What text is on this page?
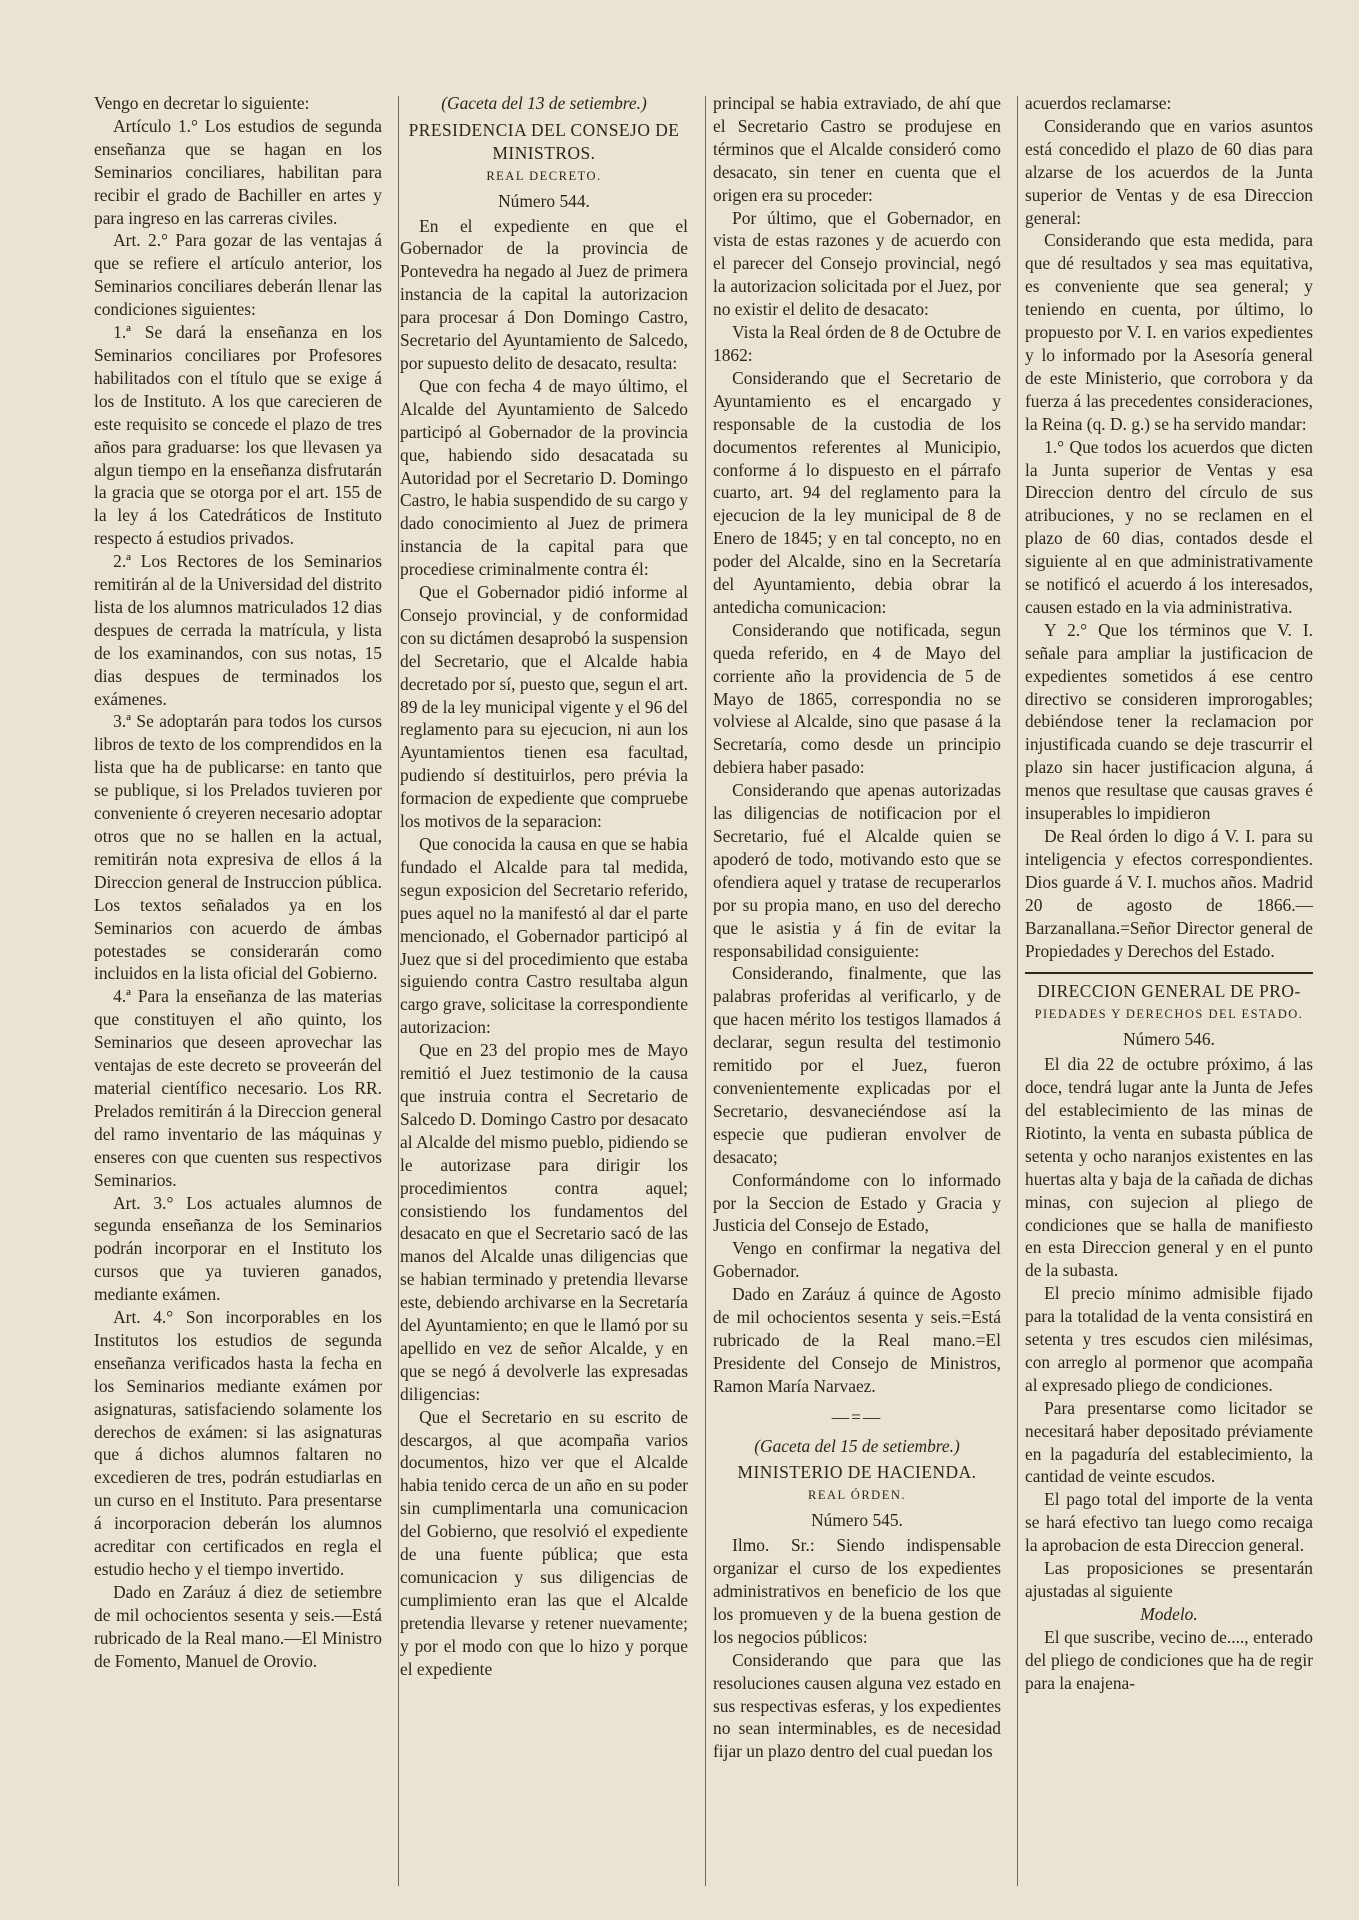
Vengo en decretar lo siguiente:

Artículo 1.° Los estudios de segunda enseñanza que se hagan en los Seminarios conciliares, habilitan para recibir el grado de Bachiller en artes y para ingreso en las carreras civiles.

Art. 2.° Para gozar de las ventajas á que se refiere el artículo anterior, los Seminarios conciliares deberán llenar las condiciones siguientes:

1.ª Se dará la enseñanza en los Seminarios conciliares por Profesores habilitados con el título que se exige á los de Instituto. A los que carecieren de este requisito se concede el plazo de tres años para graduarse: los que llevasen ya algun tiempo en la enseñanza disfrutarán la gracia que se otorga por el art. 155 de la ley á los Catedráticos de Instituto respecto á estudios privados.

2.ª Los Rectores de los Seminarios remitirán al de la Universidad del distrito lista de los alumnos matriculados 12 dias despues de cerrada la matrícula, y lista de los examinandos, con sus notas, 15 dias despues de terminados los exámenes.

3.ª Se adoptarán para todos los cursos libros de texto de los comprendidos en la lista que ha de publicarse: en tanto que se publique, si los Prelados tuvieren por conveniente ó creyeren necesario adoptar otros que no se hallen en la actual, remitirán nota expresiva de ellos á la Direccion general de Instruccion pública. Los textos señalados ya en los Seminarios con acuerdo de ámbas potestades se considerarán como incluidos en la lista oficial del Gobierno.

4.ª Para la enseñanza de las materias que constituyen el año quinto, los Seminarios que deseen aprovechar las ventajas de este decreto se proveerán del material científico necesario. Los RR. Prelados remitirán á la Direccion general del ramo inventario de las máquinas y enseres con que cuenten sus respectivos Seminarios.

Art. 3.° Los actuales alumnos de segunda enseñanza de los Seminarios podrán incorporar en el Instituto los cursos que ya tuvieren ganados, mediante exámen.

Art. 4.° Son incorporables en los Institutos los estudios de segunda enseñanza verificados hasta la fecha en los Seminarios mediante exámen por asignaturas, satisfaciendo solamente los derechos de exámen: si las asignaturas que á dichos alumnos faltaren no excedieren de tres, podrán estudiarlas en un curso en el Instituto. Para presentarse á incorporacion deberán los alumnos acreditar con certificados en regla el estudio hecho y el tiempo invertido.

Dado en Zaráuz á diez de setiembre de mil ochocientos sesenta y seis.—Está rubricado de la Real mano.—El Ministro de Fomento, Manuel de Orovio.

(Gaceta del 13 de setiembre.)

PRESIDENCIA DEL CONSEJO DE MINISTROS.

REAL DECRETO.

Número 544.

En el expediente en que el Gobernador de la provincia de Pontevedra ha negado al Juez de primera instancia de la capital la autorizacion para procesar á Don Domingo Castro, Secretario del Ayuntamiento de Salcedo, por supuesto delito de desacato, resulta:

Que con fecha 4 de mayo último, el Alcalde del Ayuntamiento de Salcedo participó al Gobernador de la provincia que, habiendo sido desacatada su Autoridad por el Secretario D. Domingo Castro, le habia suspendido de su cargo y dado conocimiento al Juez de primera instancia de la capital para que procediese criminalmente contra él:

Que el Gobernador pidió informe al Consejo provincial, y de conformidad con su dictámen desaprobó la suspension del Secretario, que el Alcalde habia decretado por sí, puesto que, segun el art. 89 de la ley municipal vigente y el 96 del reglamento para su ejecucion, ni aun los Ayuntamientos tienen esa facultad, pudiendo sí destituirlos, pero prévia la formacion de expediente que compruebe los motivos de la separacion:

Que conocida la causa en que se habia fundado el Alcalde para tal medida, segun exposicion del Secretario referido, pues aquel no la manifestó al dar el parte mencionado, el Gobernador participó al Juez que si del procedimiento que estaba siguiendo contra Castro resultaba algun cargo grave, solicitase la correspondiente autorizacion:

Que en 23 del propio mes de Mayo remitió el Juez testimonio de la causa que instruia contra el Secretario de Salcedo D. Domingo Castro por desacato al Alcalde del mismo pueblo, pidiendo se le autorizase para dirigir los procedimientos contra aquel; consistiendo los fundamentos del desacato en que el Secretario sacó de las manos del Alcalde unas diligencias que se habian terminado y pretendia llevarse este, debiendo archivarse en la Secretaría del Ayuntamiento; en que le llamó por su apellido en vez de señor Alcalde, y en que se negó á devolverle las expresadas diligencias:

Que el Secretario en su escrito de descargos, al que acompaña varios documentos, hizo ver que el Alcalde habia tenido cerca de un año en su poder sin cumplimentarla una comunicacion del Gobierno, que resolvió el expediente de una fuente pública; que esta comunicacion y sus diligencias de cumplimiento eran las que el Alcalde pretendia llevarse y retener nuevamente; y por el modo con que lo hizo y porque el expediente

principal se habia extraviado, de ahí que el Secretario Castro se produjese en términos que el Alcalde consideró como desacato, sin tener en cuenta que el origen era su proceder:

Por último, que el Gobernador, en vista de estas razones y de acuerdo con el parecer del Consejo provincial, negó la autorizacion solicitada por el Juez, por no existir el delito de desacato:

Vista la Real órden de 8 de Octubre de 1862:

Considerando que el Secretario de Ayuntamiento es el encargado y responsable de la custodia de los documentos referentes al Municipio, conforme á lo dispuesto en el párrafo cuarto, art. 94 del reglamento para la ejecucion de la ley municipal de 8 de Enero de 1845; y en tal concepto, no en poder del Alcalde, sino en la Secretaría del Ayuntamiento, debia obrar la antedicha comunicacion:

Considerando que notificada, segun queda referido, en 4 de Mayo del corriente año la providencia de 5 de Mayo de 1865, correspondia no se volviese al Alcalde, sino que pasase á la Secretaría, como desde un principio debiera haber pasado:

Considerando que apenas autorizadas las diligencias de notificacion por el Secretario, fué el Alcalde quien se apoderó de todo, motivando esto que se ofendiera aquel y tratase de recuperarlos por su propia mano, en uso del derecho que le asistia y á fin de evitar la responsabilidad consiguiente:

Considerando, finalmente, que las palabras proferidas al verificarlo, y de que hacen mérito los testigos llamados á declarar, segun resulta del testimonio remitido por el Juez, fueron convenientemente explicadas por el Secretario, desvaneciéndose así la especie que pudieran envolver de desacato;

Conformándome con lo informado por la Seccion de Estado y Gracia y Justicia del Consejo de Estado,

Vengo en confirmar la negativa del Gobernador.

Dado en Zaráuz á quince de Agosto de mil ochocientos sesenta y seis.=Está rubricado de la Real mano.=El Presidente del Consejo de Ministros, Ramon María Narvaez.

—=—

(Gaceta del 15 de setiembre.)

MINISTERIO DE HACIENDA.

REAL ÓRDEN.

Número 545.

Ilmo. Sr.: Siendo indispensable organizar el curso de los expedientes administrativos en beneficio de los que los promueven y de la buena gestion de los negocios públicos:

Considerando que para que las resoluciones causen alguna vez estado en sus respectivas esferas, y los expedientes no sean interminables, es de necesidad fijar un plazo dentro del cual puedan los

acuerdos reclamarse:

Considerando que en varios asuntos está concedido el plazo de 60 dias para alzarse de los acuerdos de la Junta superior de Ventas y de esa Direccion general:

Considerando que esta medida, para que dé resultados y sea mas equitativa, es conveniente que sea general; y teniendo en cuenta, por último, lo propuesto por V. I. en varios expedientes y lo informado por la Asesoría general de este Ministerio, que corrobora y da fuerza á las precedentes consideraciones, la Reina (q. D. g.) se ha servido mandar:

1.° Que todos los acuerdos que dicten la Junta superior de Ventas y esa Direccion dentro del círculo de sus atribuciones, y no se reclamen en el plazo de 60 dias, contados desde el siguiente al en que administrativamente se notificó el acuerdo á los interesados, causen estado en la via administrativa.

Y 2.° Que los términos que V. I. señale para ampliar la justificacion de expedientes sometidos á ese centro directivo se consideren improrogables; debiéndose tener la reclamacion por injustificada cuando se deje trascurrir el plazo sin hacer justificacion alguna, á menos que resultase que causas graves é insuperables lo impidieron

De Real órden lo digo á V. I. para su inteligencia y efectos correspondientes. Dios guarde á V. I. muchos años. Madrid 20 de agosto de 1866.—Barzanallana.=Señor Director general de Propiedades y Derechos del Estado.

DIRECCION GENERAL DE PRO-

PIEDADES Y DERECHOS DEL ESTADO.

Número 546.

El dia 22 de octubre próximo, á las doce, tendrá lugar ante la Junta de Jefes del establecimiento de las minas de Riotinto, la venta en subasta pública de setenta y ocho naranjos existentes en las huertas alta y baja de la cañada de dichas minas, con sujecion al pliego de condiciones que se halla de manifiesto en esta Direccion general y en el punto de la subasta.

El precio mínimo admisible fijado para la totalidad de la venta consistirá en setenta y tres escudos cien milésimas, con arreglo al pormenor que acompaña al expresado pliego de condiciones.

Para presentarse como licitador se necesitará haber depositado préviamente en la pagaduría del establecimiento, la cantidad de veinte escudos.

El pago total del importe de la venta se hará efectivo tan luego como recaiga la aprobacion de esta Direccion general.

Las proposiciones se presentarán ajustadas al siguiente

Modelo.

El que suscribe, vecino de...., enterado del pliego de condiciones que ha de regir para la enajena-
